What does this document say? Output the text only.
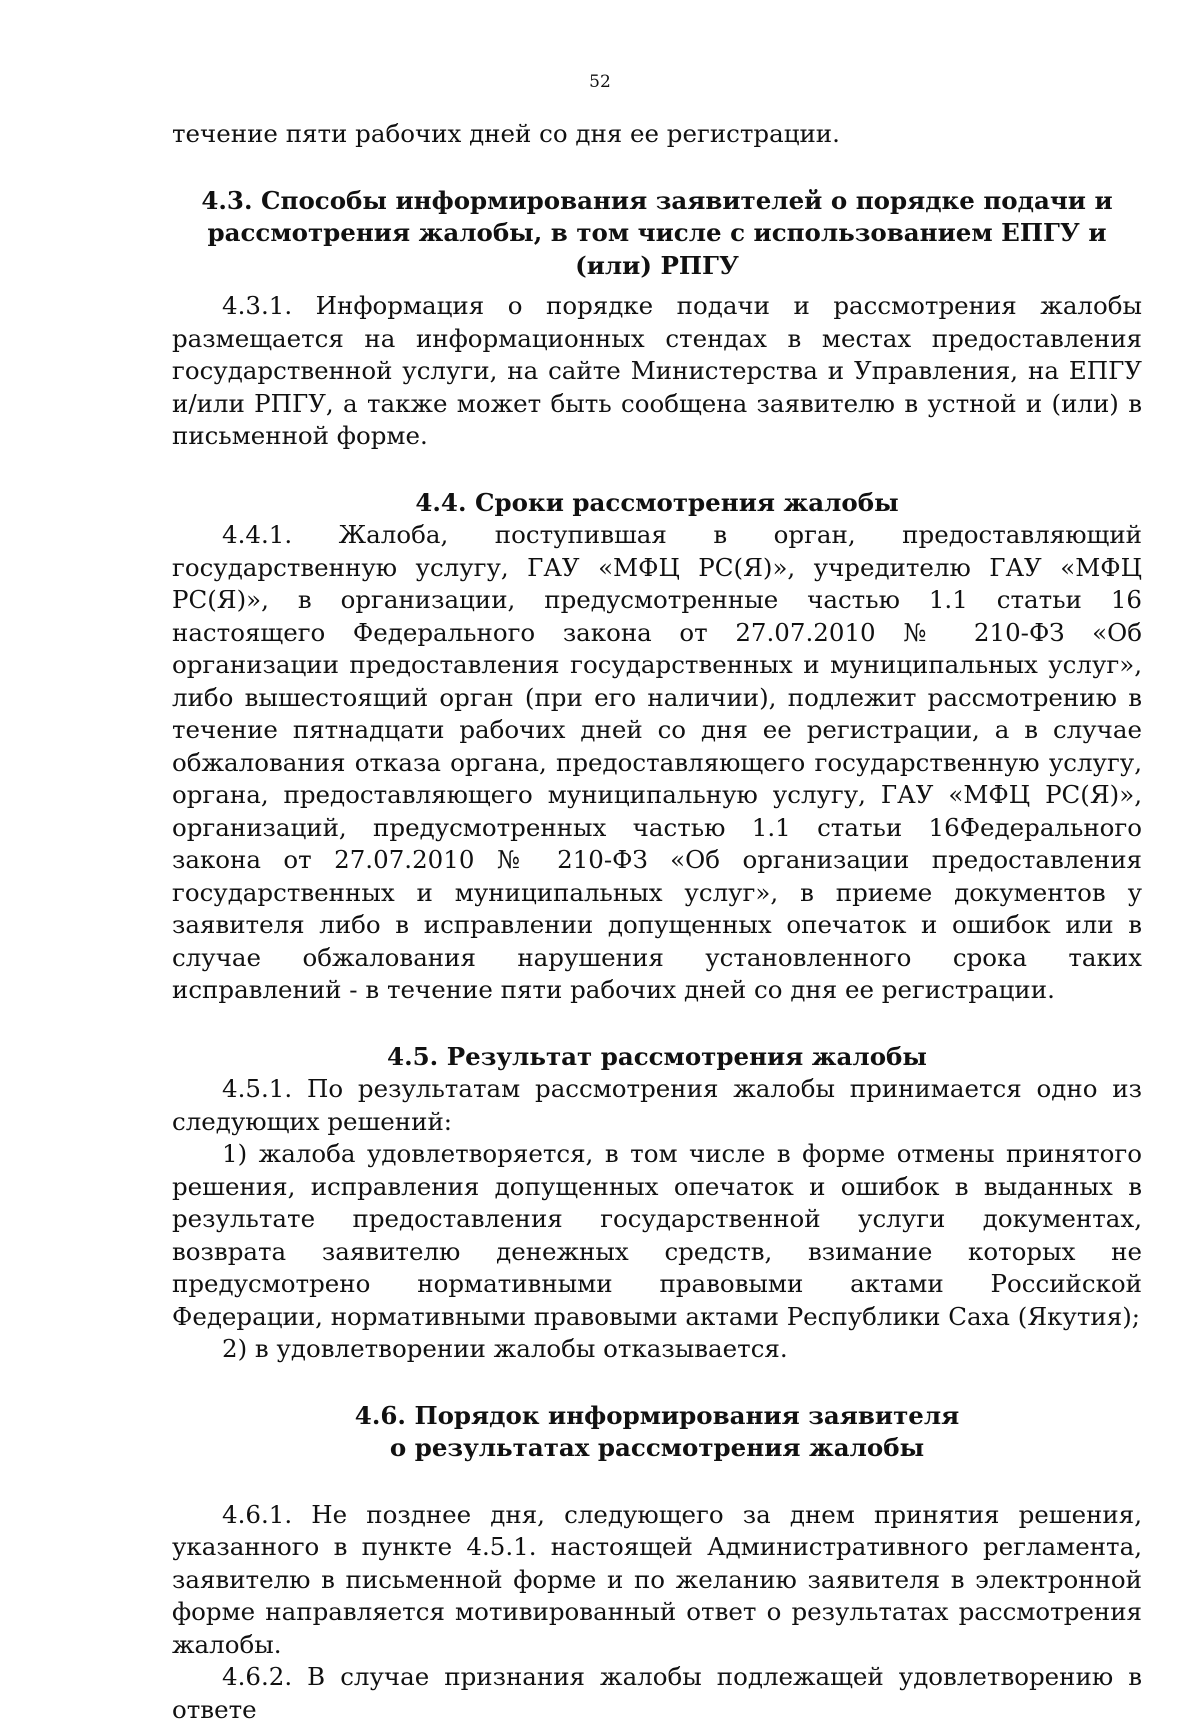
52

течение пяти рабочих дней со дня ее регистрации.

4.3. Способы информирования заявителей о порядке подачи и

рассмотрения жалобы, в том числе с использованием ЕПГУ и (или) РПГУ

4.3.1. Информация о порядке подачи и рассмотрения жалобы размещается на информационных стендах в местах предоставления государственной услуги, на сайте Министерства и Управления, на ЕПГУ и/или РПГУ, а также может быть сообщена заявителю в устной и (или) в письменной форме.

4.4. Сроки рассмотрения жалобы

4.4.1. Жалоба, поступившая в орган, предоставляющий государственную услугу, ГАУ «МФЦ РС(Я)», учредителю ГАУ «МФЦ РС(Я)», в организации, предусмотренные частью 1.1 статьи 16 настоящего Федерального закона от 27.07.2010 № 210-ФЗ «Об организации предоставления государственных и муниципальных услуг», либо вышестоящий орган (при его наличии), подлежит рассмотрению в течение пятнадцати рабочих дней со дня ее регистрации, а в случае обжалования отказа органа, предоставляющего государственную услугу, органа, предоставляющего муниципальную услугу, ГАУ «МФЦ РС(Я)», организаций, предусмотренных частью 1.1 статьи 16Федерального закона от 27.07.2010 № 210-ФЗ «Об организации предоставления государственных и муниципальных услуг», в приеме документов у заявителя либо в исправлении допущенных опечаток и ошибок или в случае обжалования нарушения установленного срока таких исправлений - в течение пяти рабочих дней со дня ее регистрации.

4.5. Результат рассмотрения жалобы

4.5.1. По результатам рассмотрения жалобы принимается одно из следующих решений:

1) жалоба удовлетворяется, в том числе в форме отмены принятого решения, исправления допущенных опечаток и ошибок в выданных в результате предоставления государственной услуги документах, возврата заявителю денежных средств, взимание которых не предусмотрено нормативными правовыми актами Российской Федерации, нормативными правовыми актами Республики Саха (Якутия);

2) в удовлетворении жалобы отказывается.

4.6. Порядок информирования заявителя

о результатах рассмотрения жалобы

4.6.1. Не позднее дня, следующего за днем принятия решения, указанного в пункте 4.5.1. настоящей Административного регламента, заявителю в письменной форме и по желанию заявителя в электронной форме направляется мотивированный ответ о результатах рассмотрения жалобы.

4.6.2. В случае признания жалобы подлежащей удовлетворению в ответе
